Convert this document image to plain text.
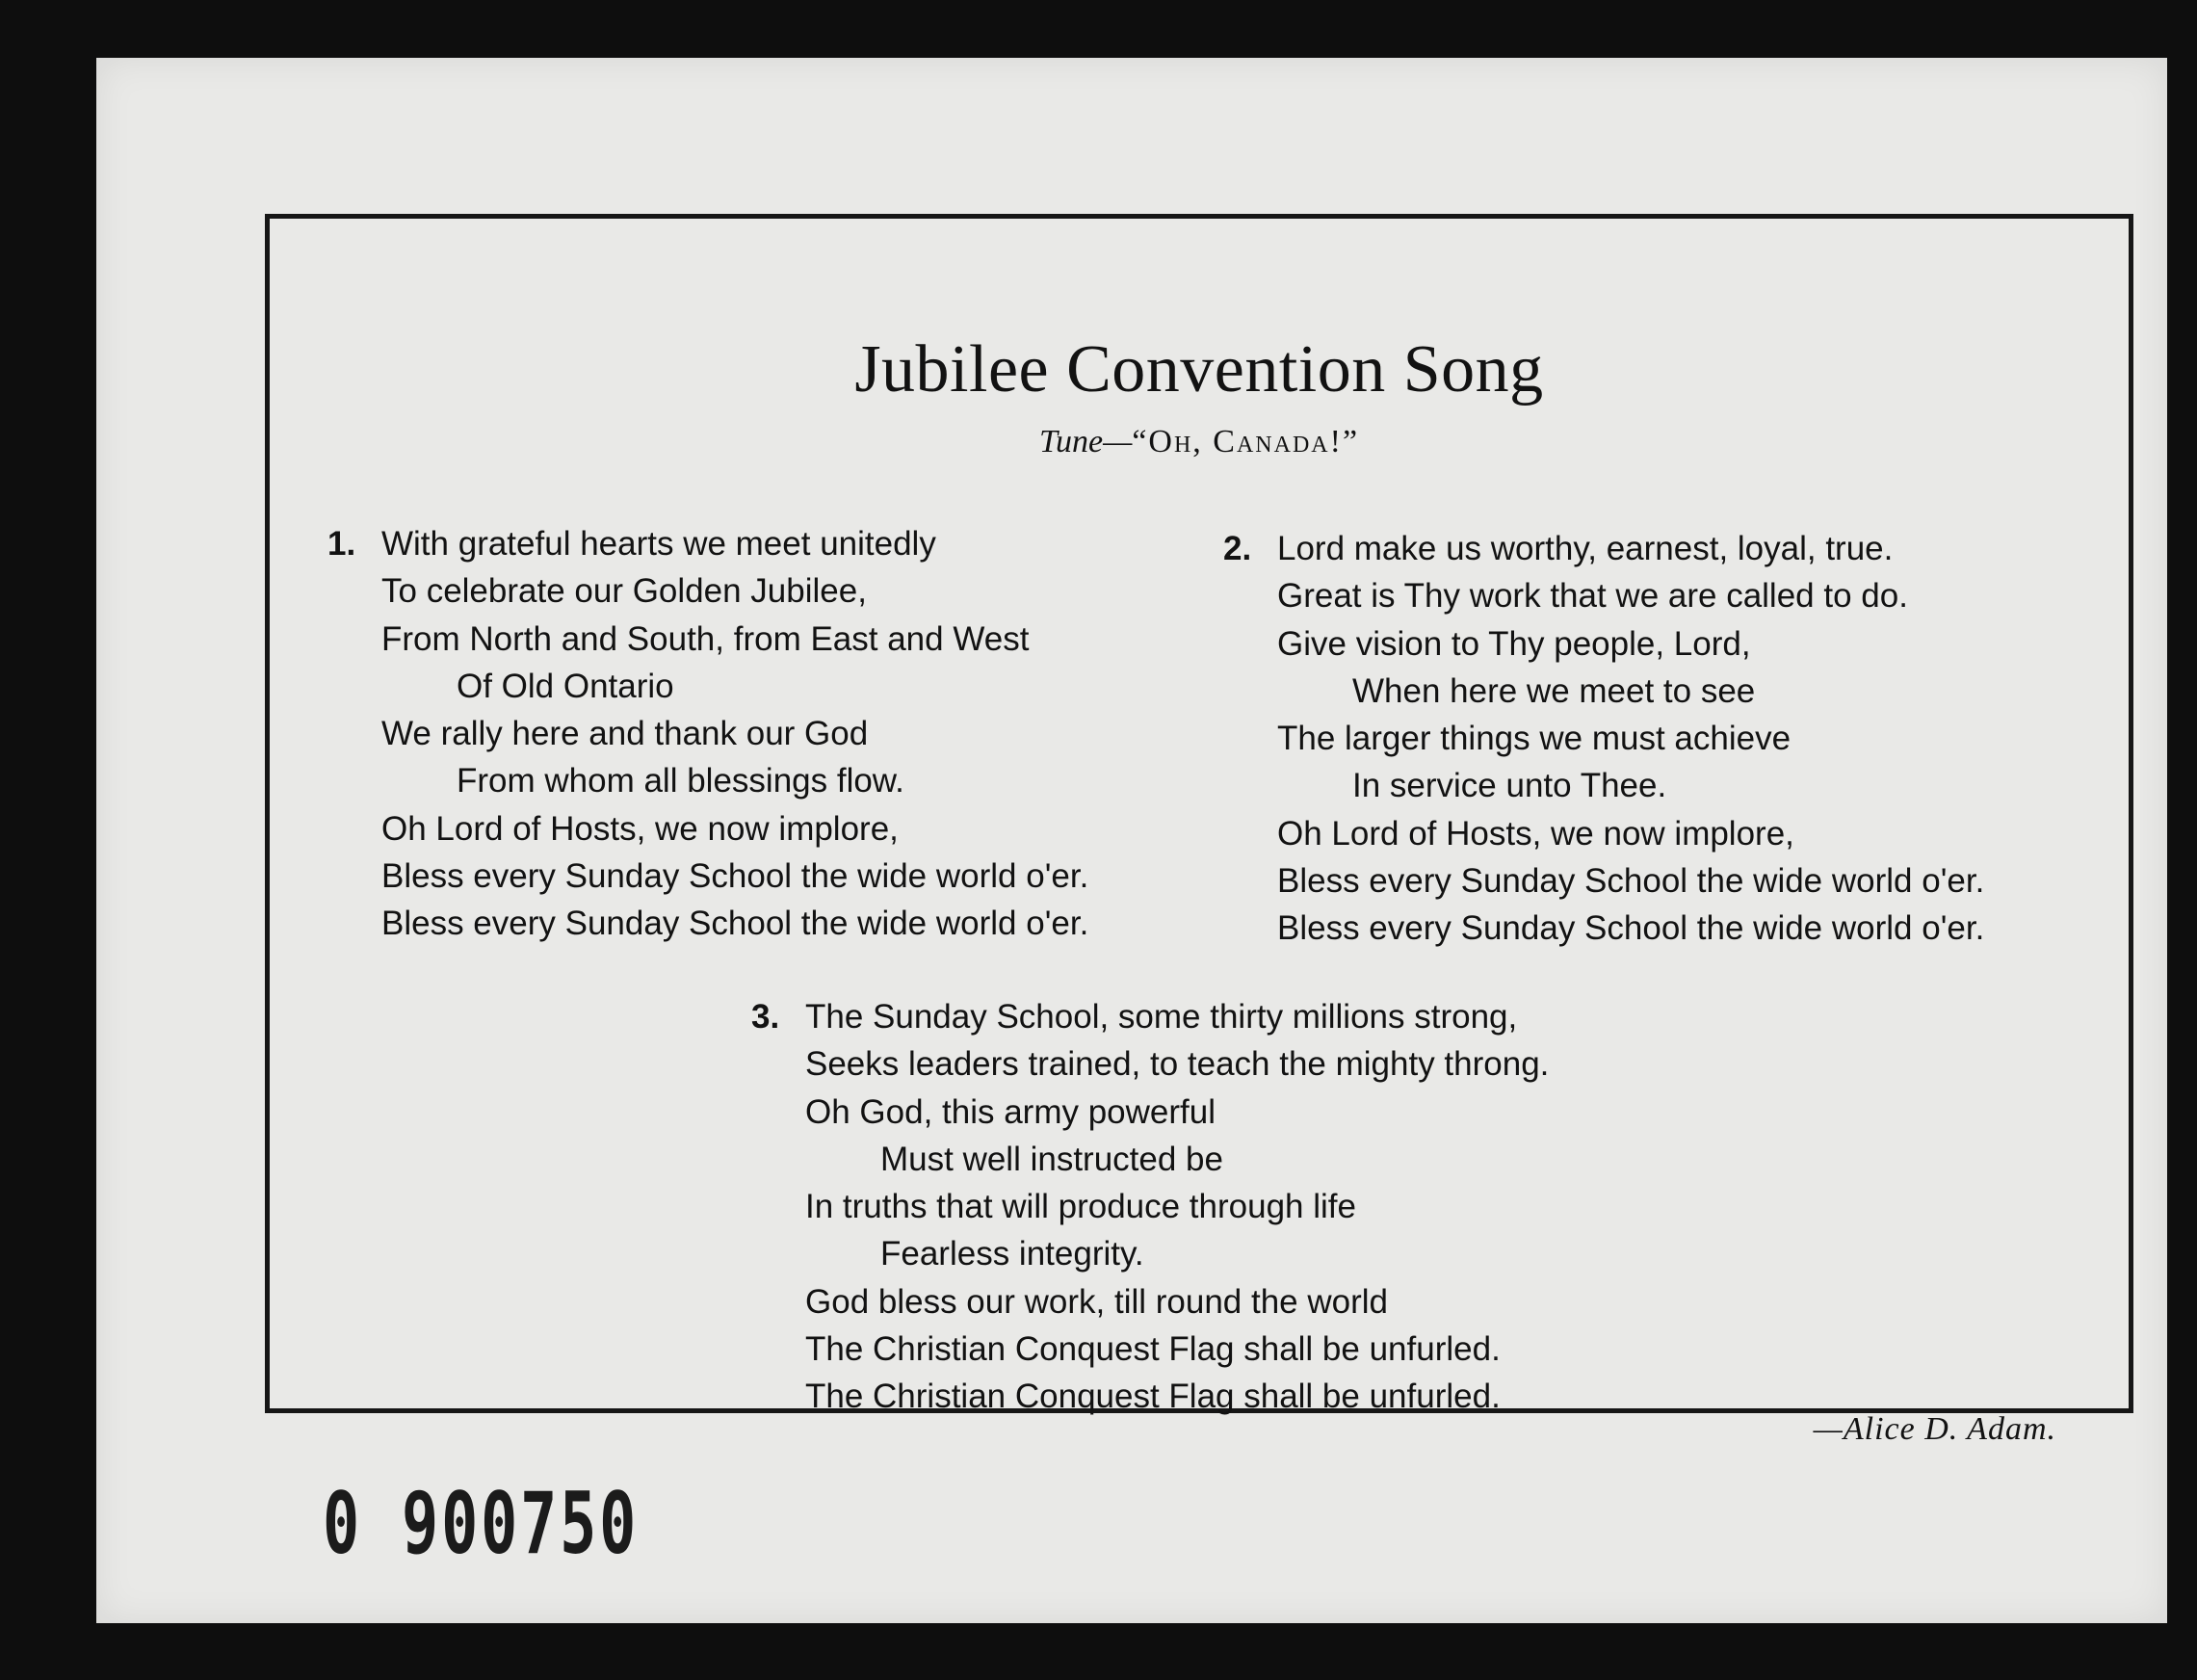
Jubilee Convention Song
Tune—“Oh, Canada!”
1. With grateful hearts we meet unitedly
To celebrate our Golden Jubilee,
From North and South, from East and West
Of Old Ontario
We rally here and thank our God
From whom all blessings flow.
Oh Lord of Hosts, we now implore,
Bless every Sunday School the wide world o'er.
Bless every Sunday School the wide world o'er.
2. Lord make us worthy, earnest, loyal, true.
Great is Thy work that we are called to do.
Give vision to Thy people, Lord,
When here we meet to see
The larger things we must achieve
In service unto Thee.
Oh Lord of Hosts, we now implore,
Bless every Sunday School the wide world o'er.
Bless every Sunday School the wide world o'er.
3. The Sunday School, some thirty millions strong,
Seeks leaders trained, to teach the mighty throng.
Oh God, this army powerful
Must well instructed be
In truths that will produce through life
Fearless integrity.
God bless our work, till round the world
The Christian Conquest Flag shall be unfurled.
The Christian Conquest Flag shall be unfurled.
—Alice D. Adam.
0 900750
